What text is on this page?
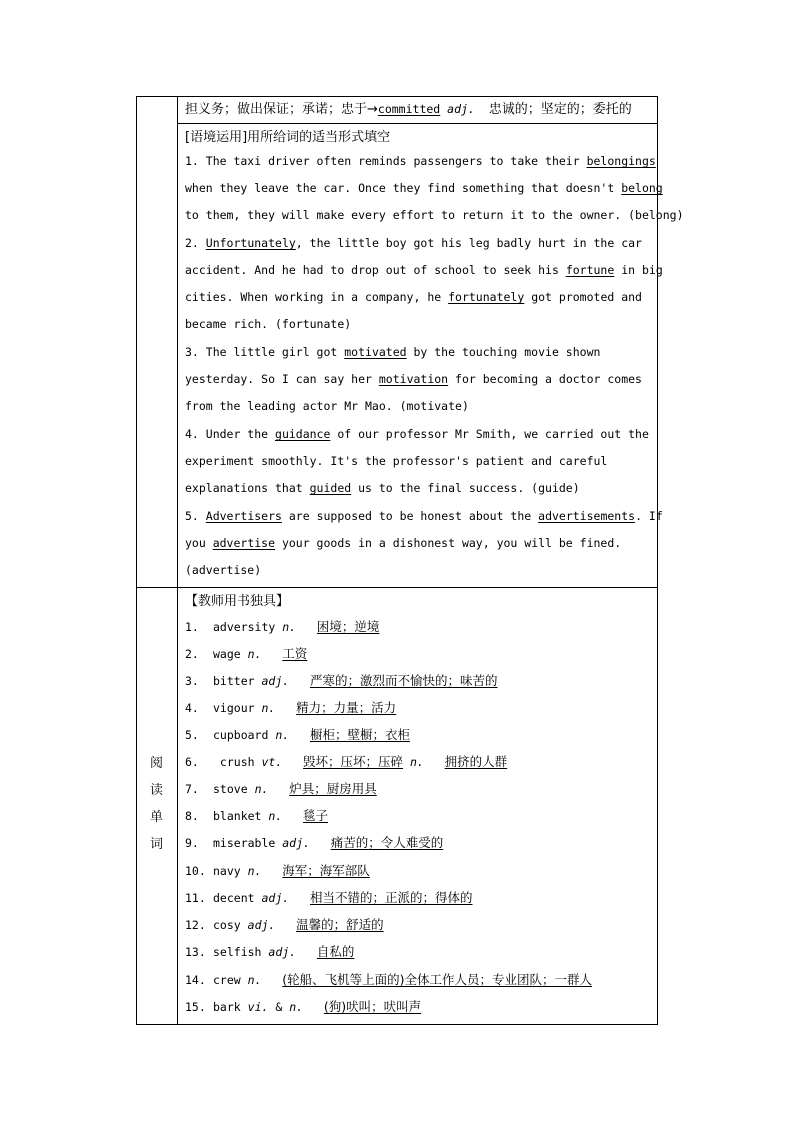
担义务；做出保证；承诺；忠于→committed adj. 忠诚的；坚定的；委托的
[语境运用]用所给词的适当形式填空
1. The taxi driver often reminds passengers to take their belongings
when they leave the car. Once they find something that doesn't belong
to them, they will make every effort to return it to the owner. (belong)
2. Unfortunately, the little boy got his leg badly hurt in the car
accident. And he had to drop out of school to seek his fortune in big
cities. When working in a company, he fortunately got promoted and
became rich. (fortunate)
3. The little girl got motivated by the touching movie shown
yesterday. So I can say her motivation for becoming a doctor comes
from the leading actor Mr Mao. (motivate)
4. Under the guidance of our professor Mr Smith, we carried out the
experiment smoothly. It's the professor's patient and careful
explanations that guided us to the final success. (guide)
5. Advertisers are supposed to be honest about the advertisements. If
you advertise your goods in a dishonest way, you will be fined.
(advertise)
阅
读
单
词
【教师用书独具】
1. adversity n. 困境；逆境
2. wage n. 工资
3. bitter adj. 严寒的；激烈而不愉快的；味苦的
4. vigour n. 精力；力量；活力
5. cupboard n. 橱柜；壁橱；衣柜
6. crush vt. 毁坏；压坏；压碎 n. 拥挤的人群
7. stove n. 炉具；厨房用具
8. blanket n. 毯子
9. miserable adj. 痛苦的；令人难受的
10. navy n. 海军；海军部队
11. decent adj. 相当不错的；正派的；得体的
12. cosy adj. 温馨的；舒适的
13. selfish adj. 自私的
14. crew n. (轮船、飞机等上面的)全体工作人员；专业团队；一群人
15. bark vi. & n. (狗)吠叫；吠叫声
